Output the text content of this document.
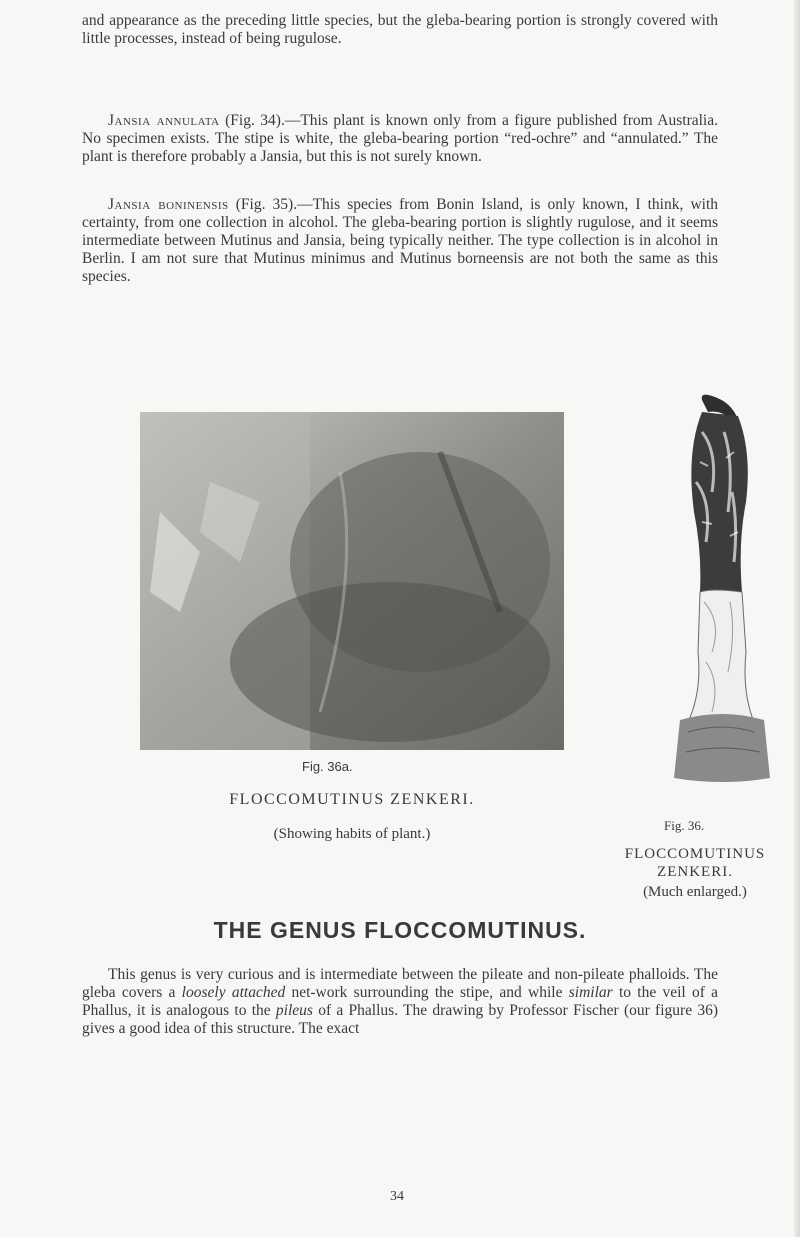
and appearance as the preceding little species, but the gleba-bearing portion is strongly covered with little processes, instead of being rugulose.

Jansia annulata (Fig. 34).—This plant is known only from a figure published from Australia. No specimen exists. The stipe is white, the gleba-bearing portion “red-ochre” and “annulated.” The plant is therefore probably a Jansia, but this is not surely known.

Jansia boninensis (Fig. 35).—This species from Bonin Island, is only known, I think, with certainty, from one collection in alcohol. The gleba-bearing portion is slightly rugulose, and it seems intermediate between Mutinus and Jansia, being typically neither. The type collection is in alcohol in Berlin. I am not sure that Mutinus minimus and Mutinus borneensis are not both the same as this species.

Fig. 36a.
FLOCCOMUTINUS ZENKERI.
(Showing habits of plant.)
Fig. 36.
FLOCCOMUTINUS
ZENKERI.
(Much enlarged.)
THE GENUS FLOCCOMUTINUS.

This genus is very curious and is intermediate between the pileate and non-pileate phalloids. The gleba covers a loosely attached net-work surrounding the stipe, and while similar to the veil of a Phallus, it is analogous to the pileus of a Phallus. The drawing by Professor Fischer (our figure 36) gives a good idea of this structure. The exact

34
